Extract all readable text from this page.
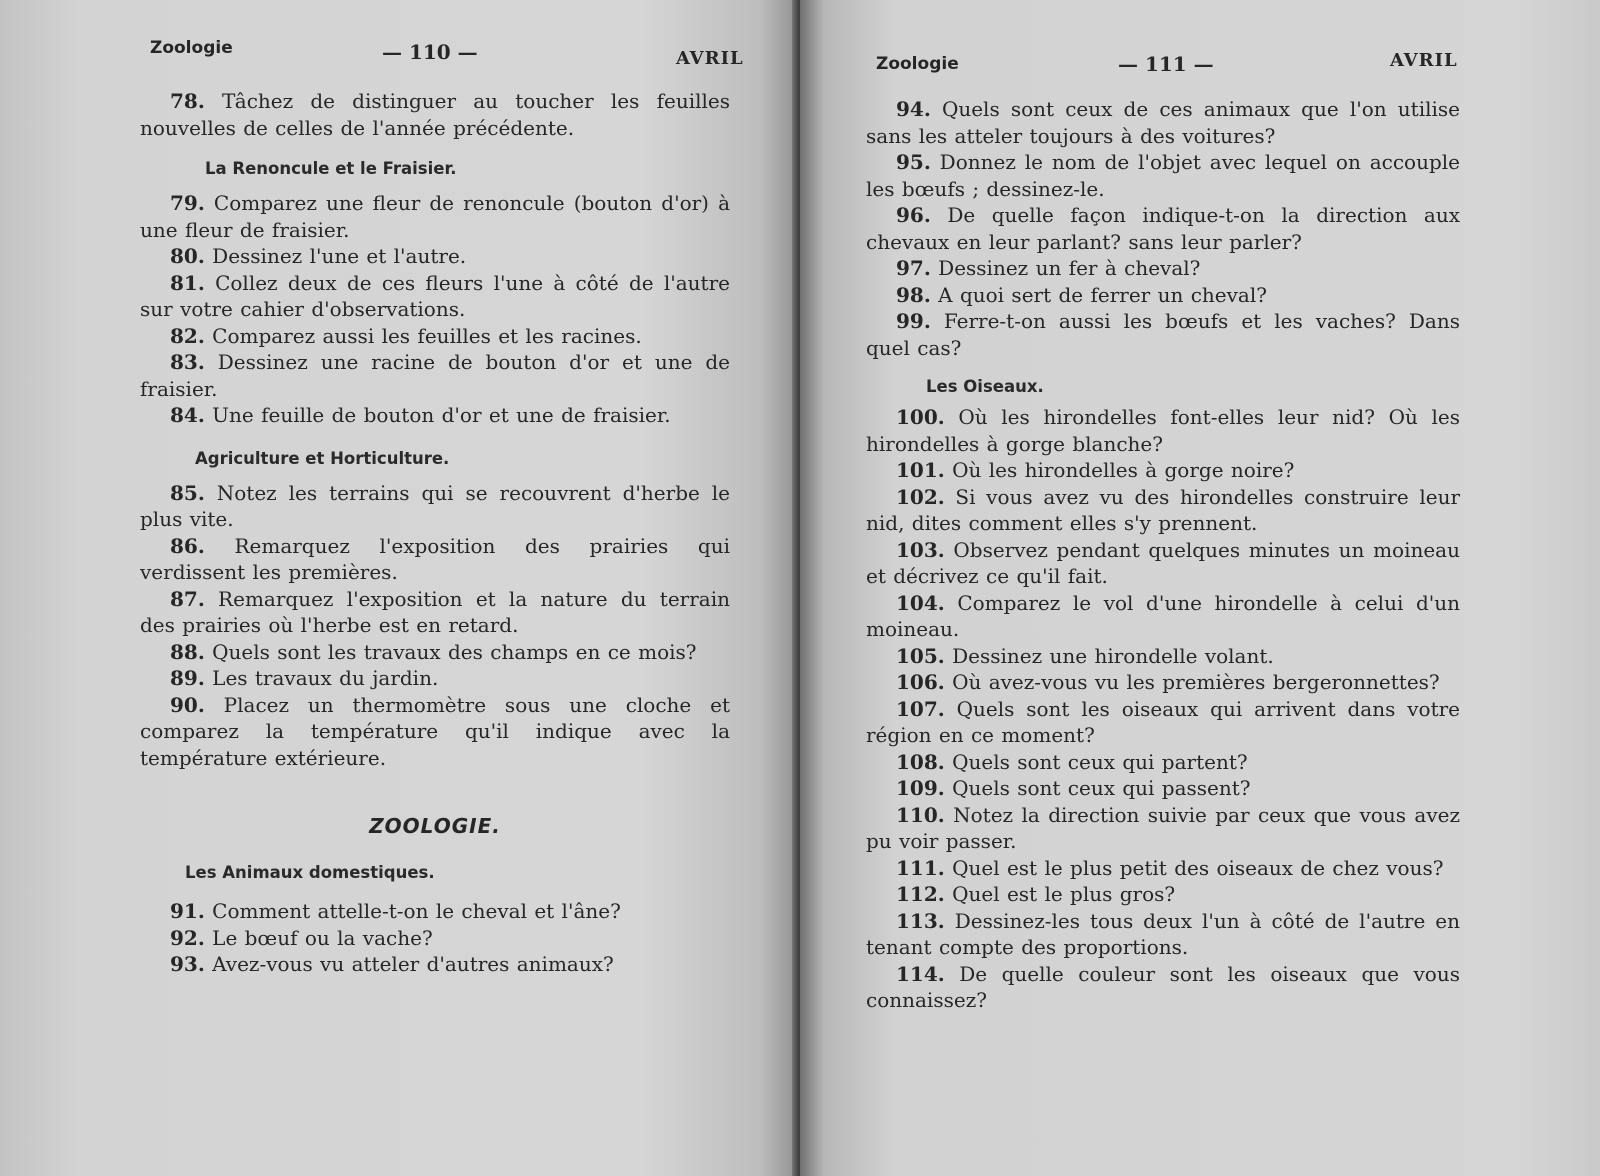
Zoologie	— 110 —	AVRIL

78. Tâchez de distinguer au toucher les feuilles nouvelles de celles de l'année précédente.

La Renoncule et le Fraisier.

79. Comparez une fleur de renoncule (bouton d'or) à une fleur de fraisier.

80. Dessinez l'une et l'autre.

81. Collez deux de ces fleurs l'une à côté de l'autre sur votre cahier d'observations.

82. Comparez aussi les feuilles et les racines.

83. Dessinez une racine de bouton d'or et une de fraisier.

84. Une feuille de bouton d'or et une de fraisier.

Agriculture et Horticulture.

85. Notez les terrains qui se recouvrent d'herbe le plus vite.

86. Remarquez l'exposition des prairies qui verdissent les premières.

87. Remarquez l'exposition et la nature du terrain des prairies où l'herbe est en retard.

88. Quels sont les travaux des champs en ce mois?

89. Les travaux du jardin.

90. Placez un thermomètre sous une cloche et comparez la température qu'il indique avec la température extérieure.

ZOOLOGIE.
Les Animaux domestiques.

91. Comment attelle-t-on le cheval et l'âne?

92. Le bœuf ou la vache?

93. Avez-vous vu atteler d'autres animaux?

Zoologie	— 111 —	AVRIL

94. Quels sont ceux de ces animaux que l'on utilise sans les atteler toujours à des voitures?

95. Donnez le nom de l'objet avec lequel on accouple les bœufs ; dessinez-le.

96. De quelle façon indique-t-on la direction aux chevaux en leur parlant? sans leur parler?

97. Dessinez un fer à cheval?

98. A quoi sert de ferrer un cheval?

99. Ferre-t-on aussi les bœufs et les vaches? Dans quel cas?

Les Oiseaux.

100. Où les hirondelles font-elles leur nid? Où les hirondelles à gorge blanche?

101. Où les hirondelles à gorge noire?

102. Si vous avez vu des hirondelles construire leur nid, dites comment elles s'y prennent.

103. Observez pendant quelques minutes un moineau et décrivez ce qu'il fait.

104. Comparez le vol d'une hirondelle à celui d'un moineau.

105. Dessinez une hirondelle volant.

106. Où avez-vous vu les premières bergeronnettes?

107. Quels sont les oiseaux qui arrivent dans votre région en ce moment?

108. Quels sont ceux qui partent?

109. Quels sont ceux qui passent?

110. Notez la direction suivie par ceux que vous avez pu voir passer.

111. Quel est le plus petit des oiseaux de chez vous?

112. Quel est le plus gros?

113. Dessinez-les tous deux l'un à côté de l'autre en tenant compte des proportions.

114. De quelle couleur sont les oiseaux que vous connaissez?
